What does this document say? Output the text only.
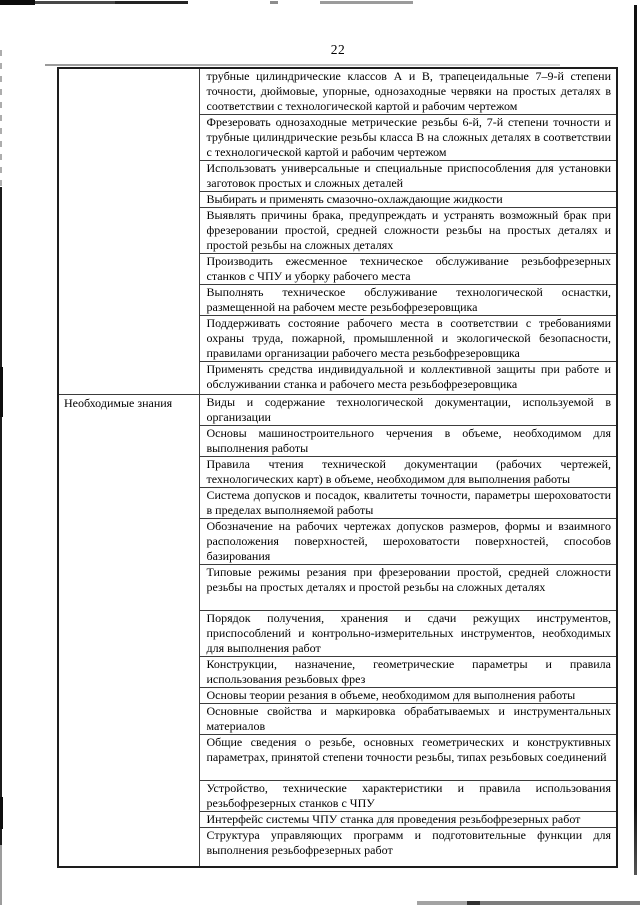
22
	трубные цилиндрические классов А и В, трапецеидальные 7–9-й степени точности, дюймовые, упорные, однозаходные червяки на простых деталях в соответствии с технологической картой и рабочим чертежом
	Фрезеровать однозаходные метрические резьбы 6-й, 7-й степени точности и трубные цилиндрические резьбы класса В на сложных деталях в соответствии с технологической картой и рабочим чертежом
	Использовать универсальные и специальные приспособления для установки заготовок простых и сложных деталей
	Выбирать и применять смазочно-охлаждающие жидкости
	Выявлять причины брака, предупреждать и устранять возможный брак при фрезеровании простой, средней сложности резьбы на простых деталях и простой резьбы на сложных деталях
	Производить ежесменное техническое обслуживание резьбофрезерных станков с ЧПУ и уборку рабочего места
	Выполнять техническое обслуживание технологической оснастки, размещенной на рабочем месте резьбофрезеровщика
	Поддерживать состояние рабочего места в соответствии с требованиями охраны труда, пожарной, промышленной и экологической безопасности, правилами организации рабочего места резьбофрезеровщика
	Применять средства индивидуальной и коллективной защиты при работе и обслуживании станка и рабочего места резьбофрезеровщика
Необходимые знания	Виды и содержание технологической документации, используемой в организации
	Основы машиностроительного черчения в объеме, необходимом для выполнения работы
	Правила чтения технической документации (рабочих чертежей, технологических карт) в объеме, необходимом для выполнения работы
	Система допусков и посадок, квалитеты точности, параметры шероховатости в пределах выполняемой работы
	Обозначение на рабочих чертежах допусков размеров, формы и взаимного расположения поверхностей, шероховатости поверхностей, способов базирования
	Типовые режимы резания при фрезеровании простой, средней сложности резьбы на простых деталях и простой резьбы на сложных деталях
	Порядок получения, хранения и сдачи режущих инструментов, приспособлений и контрольно-измерительных инструментов, необходимых для выполнения работ
	Конструкции, назначение, геометрические параметры и правила использования резьбовых фрез
	Основы теории резания в объеме, необходимом для выполнения работы
	Основные свойства и маркировка обрабатываемых и инструментальных материалов
	Общие сведения о резьбе, основных геометрических и конструктивных параметрах, принятой степени точности резьбы, типах резьбовых соединений
	Устройство, технические характеристики и правила использования резьбофрезерных станков с ЧПУ
	Интерфейс системы ЧПУ станка для проведения резьбофрезерных работ
	Структура управляющих программ и подготовительные функции для выполнения резьбофрезерных работ
